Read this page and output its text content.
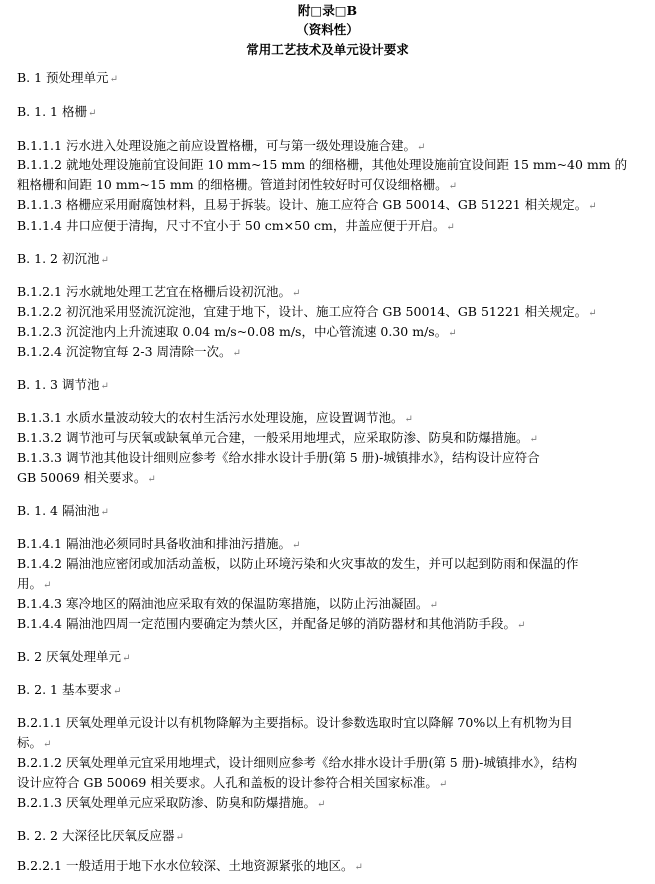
附□录□B
（资料性）
常用工艺技术及单元设计要求
B. 1 预处理单元↵
B. 1. 1 格栅↵
B.1.1.1 污水进入处理设施之前应设置格栅，可与第一级处理设施合建。↵
B.1.1.2 就地处理设施前宜设间距 10 mm~15 mm 的细格栅，其他处理设施前宜设间距 15 mm~40 mm 的
粗格栅和间距 10 mm~15 mm 的细格栅。管道封闭性较好时可仅设细格栅。↵
B.1.1.3 格栅应采用耐腐蚀材料，且易于拆装。设计、施工应符合 GB 50014、GB 51221 相关规定。↵
B.1.1.4 井口应便于清掏，尺寸不宜小于 50 cm×50 cm，井盖应便于开启。↵
B. 1. 2 初沉池↵
B.1.2.1 污水就地处理工艺宜在格栅后设初沉池。↵
B.1.2.2 初沉池采用竖流沉淀池，宜建于地下，设计、施工应符合 GB 50014、GB 51221 相关规定。↵
B.1.2.3 沉淀池内上升流速取 0.04 m/s~0.08 m/s，中心管流速 0.30 m/s。↵
B.1.2.4 沉淀物宜每 2-3 周清除一次。↵
B. 1. 3 调节池↵
B.1.3.1 水质水量波动较大的农村生活污水处理设施，应设置调节池。↵
B.1.3.2 调节池可与厌氧或缺氧单元合建，一般采用地埋式，应采取防渗、防臭和防爆措施。↵
B.1.3.3 调节池其他设计细则应参考《给水排水设计手册(第 5 册)-城镇排水》，结构设计应符合
GB 50069 相关要求。↵
B. 1. 4 隔油池↵
B.1.4.1 隔油池必须同时具备收油和排油污措施。↵
B.1.4.2 隔油池应密闭或加活动盖板，以防止环境污染和火灾事故的发生，并可以起到防雨和保温的作
用。↵
B.1.4.3 寒冷地区的隔油池应采取有效的保温防寒措施，以防止污油凝固。↵
B.1.4.4 隔油池四周一定范围内要确定为禁火区，并配备足够的消防器材和其他消防手段。↵
B. 2 厌氧处理单元↵
B. 2. 1 基本要求↵
B.2.1.1 厌氧处理单元设计以有机物降解为主要指标。设计参数选取时宜以降解 70%以上有机物为目
标。↵
B.2.1.2 厌氧处理单元宜采用地埋式，设计细则应参考《给水排水设计手册(第 5 册)-城镇排水》，结构
设计应符合 GB 50069 相关要求。人孔和盖板的设计参符合相关国家标准。↵
B.2.1.3 厌氧处理单元应采取防渗、防臭和防爆措施。↵
B. 2. 2 大深径比厌氧反应器↵
B.2.2.1 一般适用于地下水水位较深、土地资源紧张的地区。↵
